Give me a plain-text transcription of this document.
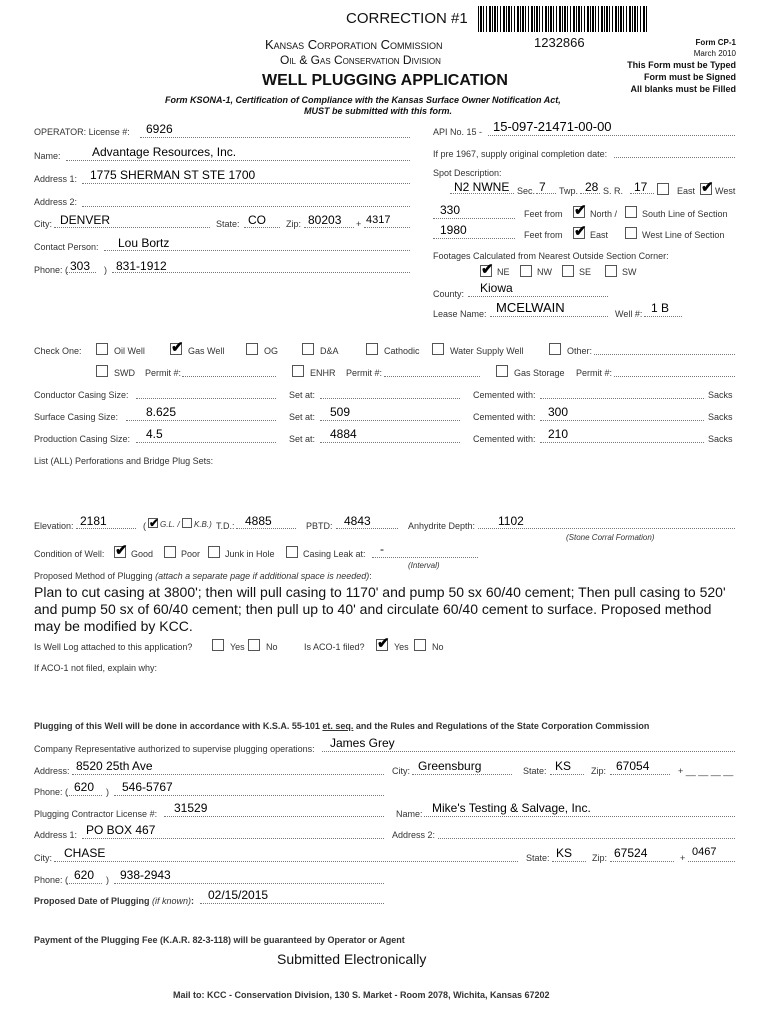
CORRECTION #1
Kansas Corporation Commission	1232866
Oil & Gas Conservation Division
Form CP-1
March 2010
This Form must be Typed
Form must be Signed
All blanks must be Filled
WELL PLUGGING APPLICATION
Form KSONA-1, Certification of Compliance with the Kansas Surface Owner Notification Act,
MUST be submitted with this form.
OPERATOR: License #: 6926
Name:	Advantage Resources, Inc.
Address 1: 1775 SHERMAN ST STE 1700
Address 2:
City: DENVER	State: CO Zip: 80203 + 4317
Contact Person: Lou Bortz
Phone: ( 303 ) 831-1912
API No. 15 - 15-097-21471-00-00
If pre 1967, supply original completion date:
Spot Description:
N2 NWNE Sec. 7 Twp. 28 S. R. 17	East ✔ West
330	Feet from ✔ North /	South Line of Section
1980	Feet from ✔ East	West Line of Section
Footages Calculated from Nearest Outside Section Corner:
✔ NE	NW	SE	SW
County: Kiowa
Lease Name: MCELWAIN	Well #: 1 B
Check One:	Oil Well ✔ Gas Well	OG	D&A	Cathodic	Water Supply Well	Other:
SWD Permit #:	ENHR Permit #:	Gas Storage Permit #:
Conductor Casing Size:	Set at:	Cemented with:	Sacks
Surface Casing Size: 8.625	Set at: 509	Cemented with: 300	Sacks
Production Casing Size: 4.5	Set at: 4884	Cemented with: 210	Sacks
List (ALL) Perforations and Bridge Plug Sets:
Elevation: 2181	( ✔ G.L. / K.B.) T.D.: 4885	PBTD: 4843	Anhydrite Depth: 1102
(Stone Corral Formation)
Condition of Well: ✔ Good	Poor	Junk in Hole	Casing Leak at: -
(Interval)
Proposed Method of Plugging (attach a separate page if additional space is needed):
Plan to cut casing at 3800'; then will pull casing to 1170' and pump 50 sx 60/40 cement; Then pull casing to 520'
and pump 50 sx of 60/40 cement; then pull up to 40' and circulate 60/40 cement to surface. Proposed method
may be modified by KCC.
Is Well Log attached to this application?	Yes No	Is ACO-1 filed? ✔ Yes	No
If ACO-1 not filed, explain why:
Plugging of this Well will be done in accordance with K.S.A. 55-101 et. seq. and the Rules and Regulations of the State Corporation Commission
Company Representative authorized to supervise plugging operations: James Grey
Address: 8520 25th Ave	City: Greensburg	State: KS Zip: 67054	+ __ __ __ __
Phone: ( 620 ) 546-5767
Plugging Contractor License #: 31529	Name: Mike's Testing & Salvage, Inc.
Address 1: PO BOX 467	Address 2:
City: CHASE	State: KS Zip: 67524	+ 0467
Phone: ( 620 ) 938-2943
Proposed Date of Plugging (if known): 02/15/2015
Payment of the Plugging Fee (K.A.R. 82-3-118) will be guaranteed by Operator or Agent
Submitted Electronically
Mail to: KCC - Conservation Division, 130 S. Market - Room 2078, Wichita, Kansas 67202
